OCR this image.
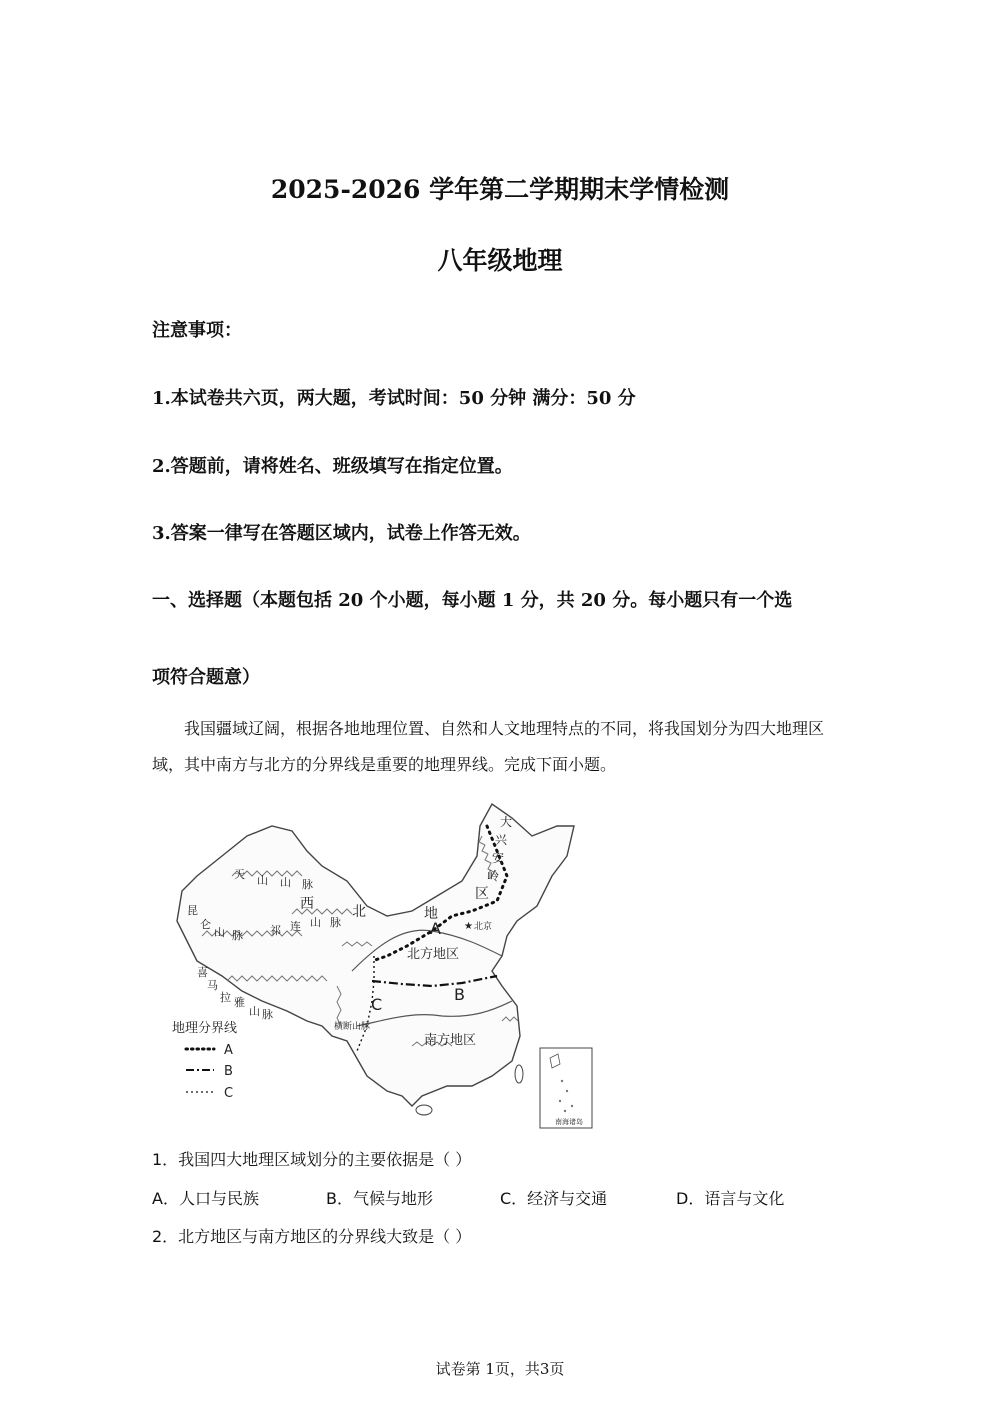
2025-2026 学年第二学期期末学情检测
八年级地理
注意事项：
1.本试卷共六页，两大题，考试时间：50 分钟 满分：50 分
2.答题前，请将姓名、班级填写在指定位置。
3.答案一律写在答题区域内，试卷上作答无效。
一、选择题（本题包括 20 个小题，每小题 1 分，共 20 分。每小题只有一个选
项符合题意）
我国疆域辽阔，根据各地地理位置、自然和人文地理特点的不同，将我国划分为四大地理区域，其中南方与北方的分界线是重要的地理界线。完成下面小题。
天 山 山 脉
西	北	地
祁 连 山 脉
昆
仑
山 脉
喜
马
拉 雅
山 脉
大
兴
安
岭
区
★ 北京
北方地区
南方地区
横断山脉
A
B
C
南海诸岛
地理分界线
A
B
C
1．我国四大地理区域划分的主要依据是（ ）
A．人口与民族	B．气候与地形	C．经济与交通	D．语言与文化
2．北方地区与南方地区的分界线大致是（ ）
试卷第 1页，共3页
